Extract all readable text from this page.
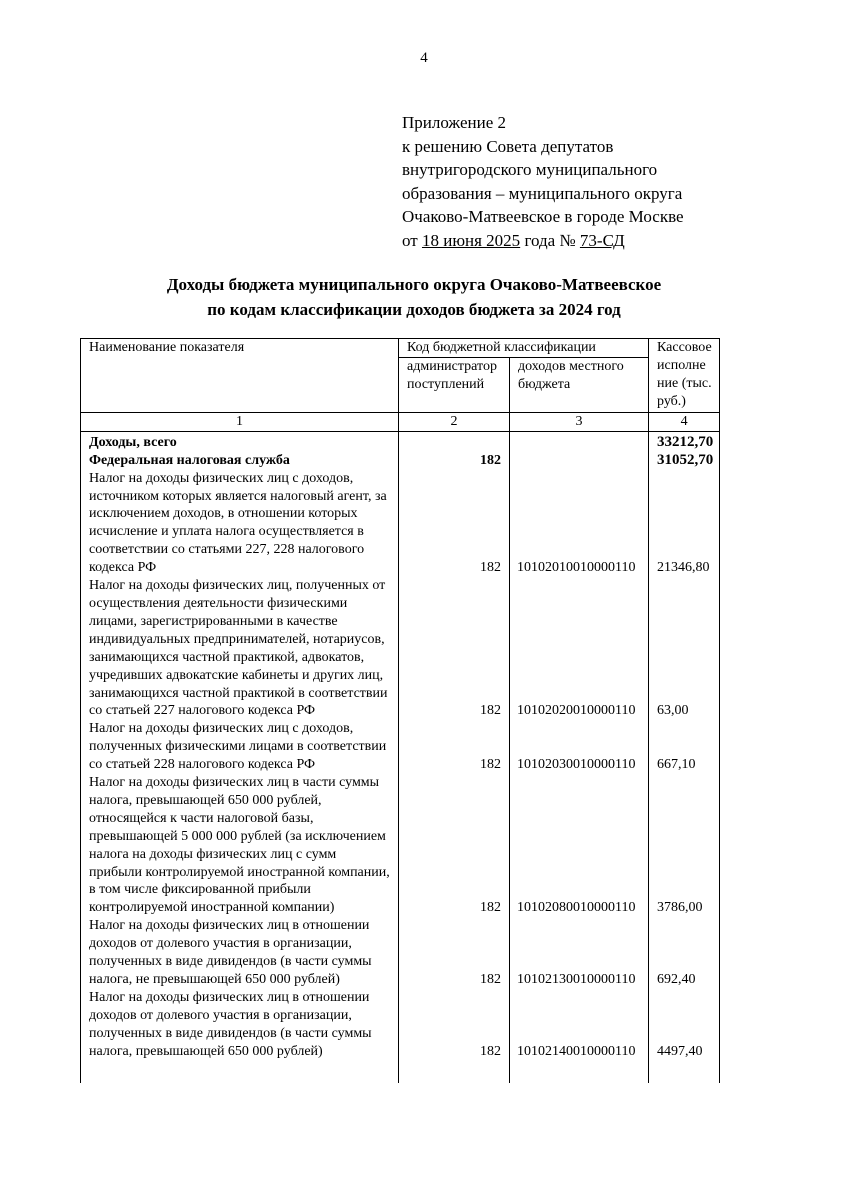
4
Приложение 2
к решению Совета депутатов
внутригородского муниципального
образования – муниципального округа
Очаково-Матвеевское в городе Москве
от 18 июня 2025 года № 73-СД
Доходы бюджета муниципального округа Очаково-Матвеевское
по кодам классификации доходов бюджета за 2024 год
Наименование показателя	Код бюджетной классификации		Кассовое исполне ние (тыс. руб.)
	администратор поступлений	доходов местного бюджета	
1	2	3	4
Доходы, всего			33212,70
Федеральная налоговая служба	182		31052,70
Налог на доходы физических лиц с доходов, источником которых является налоговый агент, за исключением доходов, в отношении которых исчисление и уплата налога осуществляется в соответствии со статьями 227, 228 налогового кодекса РФ	182	10102010010000110	21346,80
Налог на доходы физических лиц, полученных от осуществления деятельности физическими лицами, зарегистрированными в качестве индивидуальных предпринимателей, нотариусов, занимающихся частной практикой, адвокатов, учредивших адвокатские кабинеты и других лиц, занимающихся частной практикой в соответствии со статьей 227 налогового кодекса РФ	182	10102020010000110	63,00
Налог на доходы физических лиц с доходов, полученных физическими лицами в соответствии со статьей 228 налогового кодекса РФ	182	10102030010000110	667,10
Налог на доходы физических лиц в части суммы налога, превышающей 650 000 рублей, относящейся к части налоговой базы, превышающей 5 000 000 рублей (за исключением налога на доходы физических лиц с сумм прибыли контролируемой иностранной компании, в том числе фиксированной прибыли контролируемой иностранной компании)	182	10102080010000110	3786,00
Налог на доходы физических лиц в отношении доходов от долевого участия в организации, полученных в виде дивидендов (в части суммы налога, не превышающей 650 000 рублей)	182	10102130010000110	692,40
Налог на доходы физических лиц в отношении доходов от долевого участия в организации, полученных в виде дивидендов (в части суммы налога, превышающей 650 000 рублей)	182	10102140010000110	4497,40
